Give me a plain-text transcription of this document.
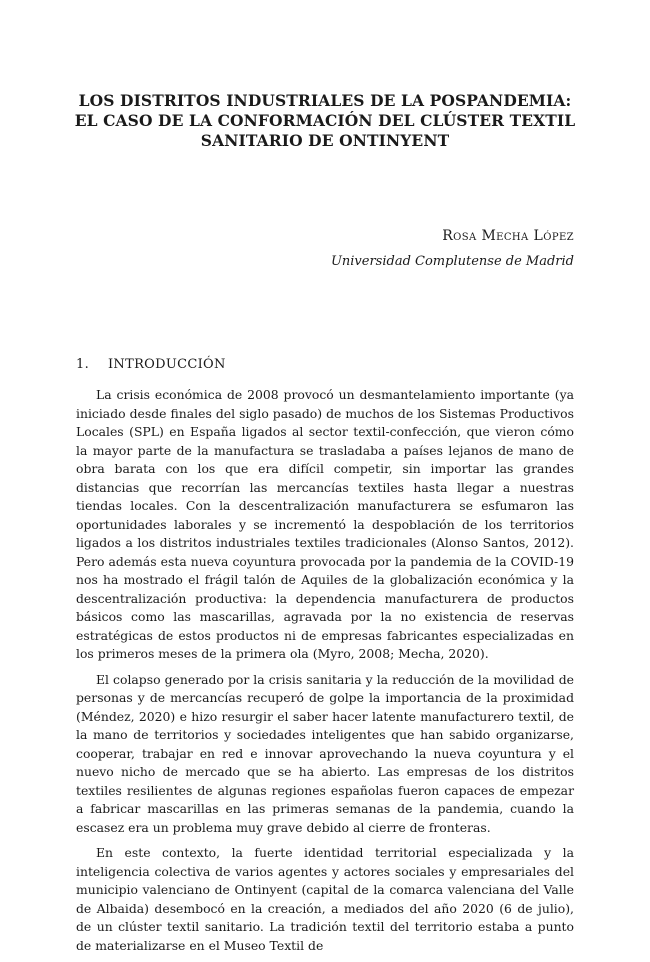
LOS DISTRITOS INDUSTRIALES DE LA POSPANDEMIA:
EL CASO DE LA CONFORMACIÓN DEL CLÚSTER TEXTIL
SANITARIO DE ONTINYENT
Rosa Mecha López
Universidad Complutense de Madrid
1. INTRODUCCIÓN

La crisis económica de 2008 provocó un desmantelamiento importante (ya iniciado desde finales del siglo pasado) de muchos de los Sistemas Productivos Locales (SPL) en España ligados al sector textil-confección, que vieron cómo la mayor parte de la manufactura se trasladaba a países lejanos de mano de obra barata con los que era difícil competir, sin importar las grandes distancias que recorrían las mercancías textiles hasta llegar a nuestras tiendas locales. Con la descentralización manufacturera se esfumaron las oportunidades laborales y se incrementó la despoblación de los territorios ligados a los distritos industriales textiles tradicionales (Alonso Santos, 2012). Pero además esta nueva coyuntura provocada por la pandemia de la COVID-19 nos ha mostrado el frágil talón de Aquiles de la globalización económica y la descentralización productiva: la dependencia manufacturera de productos básicos como las mascarillas, agravada por la no existencia de reservas estratégicas de estos productos ni de empresas fabricantes especializadas en los primeros meses de la primera ola (Myro, 2008; Mecha, 2020).

El colapso generado por la crisis sanitaria y la reducción de la movilidad de personas y de mercancías recuperó de golpe la importancia de la proximidad (Méndez, 2020) e hizo resurgir el saber hacer latente manufacturero textil, de la mano de territorios y sociedades inteligentes que han sabido organizarse, cooperar, trabajar en red e innovar aprovechando la nueva coyuntura y el nuevo nicho de mercado que se ha abierto. Las empresas de los distritos textiles resilientes de algunas regiones españolas fueron capaces de empezar a fabricar mascarillas en las primeras semanas de la pandemia, cuando la escasez era un problema muy grave debido al cierre de fronteras.

En este contexto, la fuerte identidad territorial especializada y la inteligencia colectiva de varios agentes y actores sociales y empresariales del municipio valenciano de Ontinyent (capital de la comarca valenciana del Valle de Albaida) desembocó en la creación, a mediados del año 2020 (6 de julio), de un clúster textil sanitario. La tradición textil del territorio estaba a punto de materializarse en el Museo Textil de
